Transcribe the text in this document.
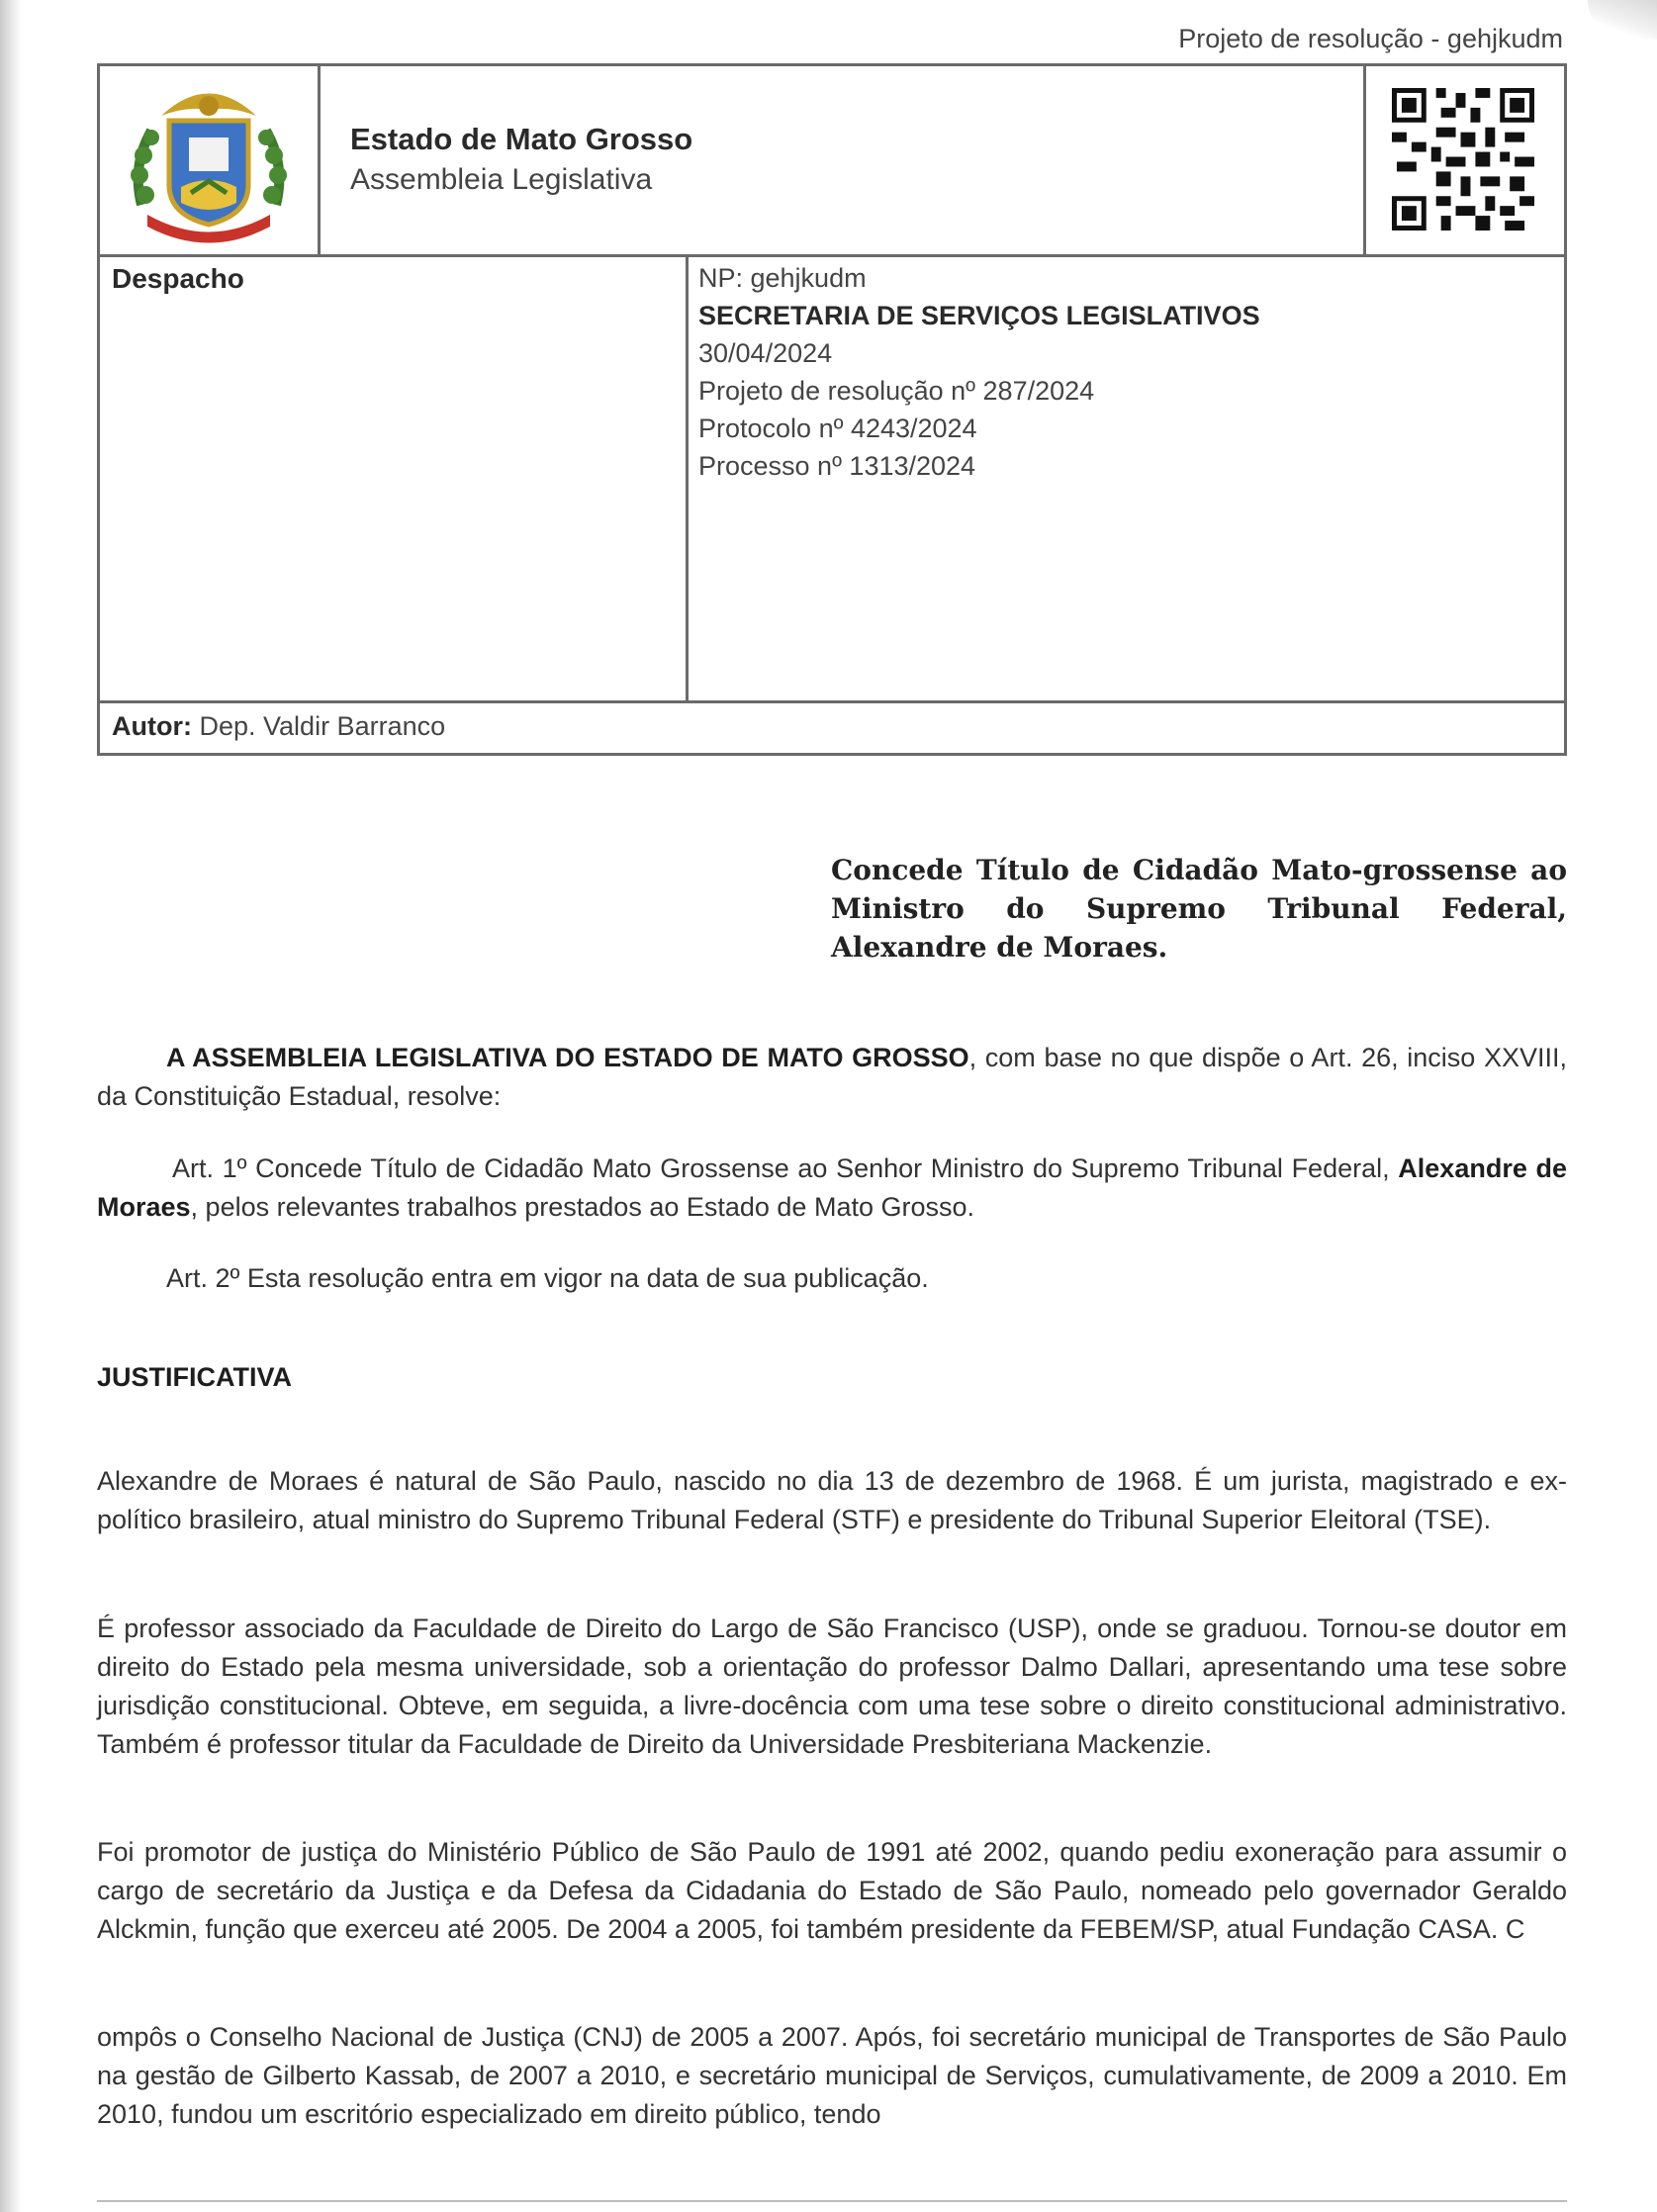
Projeto de resolução - gehjkudm
Estado de Mato Grosso
Assembleia Legislativa
Despacho	NP: gehjkudm
SECRETARIA DE SERVIÇOS LEGISLATIVOS
30/04/2024
Projeto de resolução nº 287/2024
Protocolo nº 4243/2024
Processo nº 1313/2024
Autor: Dep. Valdir Barranco
Concede Título de Cidadão Mato-grossense ao Ministro do Supremo Tribunal Federal, Alexandre de Moraes.
A ASSEMBLEIA LEGISLATIVA DO ESTADO DE MATO GROSSO, com base no que dispõe o Art. 26, inciso XXVIII, da Constituição Estadual, resolve:
Art. 1º Concede Título de Cidadão Mato Grossense ao Senhor Ministro do Supremo Tribunal Federal, Alexandre de Moraes, pelos relevantes trabalhos prestados ao Estado de Mato Grosso.
Art. 2º Esta resolução entra em vigor na data de sua publicação.
JUSTIFICATIVA
Alexandre de Moraes é natural de São Paulo, nascido no dia 13 de dezembro de 1968. É um jurista, magistrado e ex-político brasileiro, atual ministro do Supremo Tribunal Federal (STF) e presidente do Tribunal Superior Eleitoral (TSE).
É professor associado da Faculdade de Direito do Largo de São Francisco (USP), onde se graduou. Tornou-se doutor em direito do Estado pela mesma universidade, sob a orientação do professor Dalmo Dallari, apresentando uma tese sobre jurisdição constitucional. Obteve, em seguida, a livre-docência com uma tese sobre o direito constitucional administrativo. Também é professor titular da Faculdade de Direito da Universidade Presbiteriana Mackenzie.
Foi promotor de justiça do Ministério Público de São Paulo de 1991 até 2002, quando pediu exoneração para assumir o cargo de secretário da Justiça e da Defesa da Cidadania do Estado de São Paulo, nomeado pelo governador Geraldo Alckmin, função que exerceu até 2005. De 2004 a 2005, foi também presidente da FEBEM/SP, atual Fundação CASA. C
ompôs o Conselho Nacional de Justiça (CNJ) de 2005 a 2007. Após, foi secretário municipal de Transportes de São Paulo na gestão de Gilberto Kassab, de 2007 a 2010, e secretário municipal de Serviços, cumulativamente, de 2009 a 2010. Em 2010, fundou um escritório especializado em direito público, tendo
